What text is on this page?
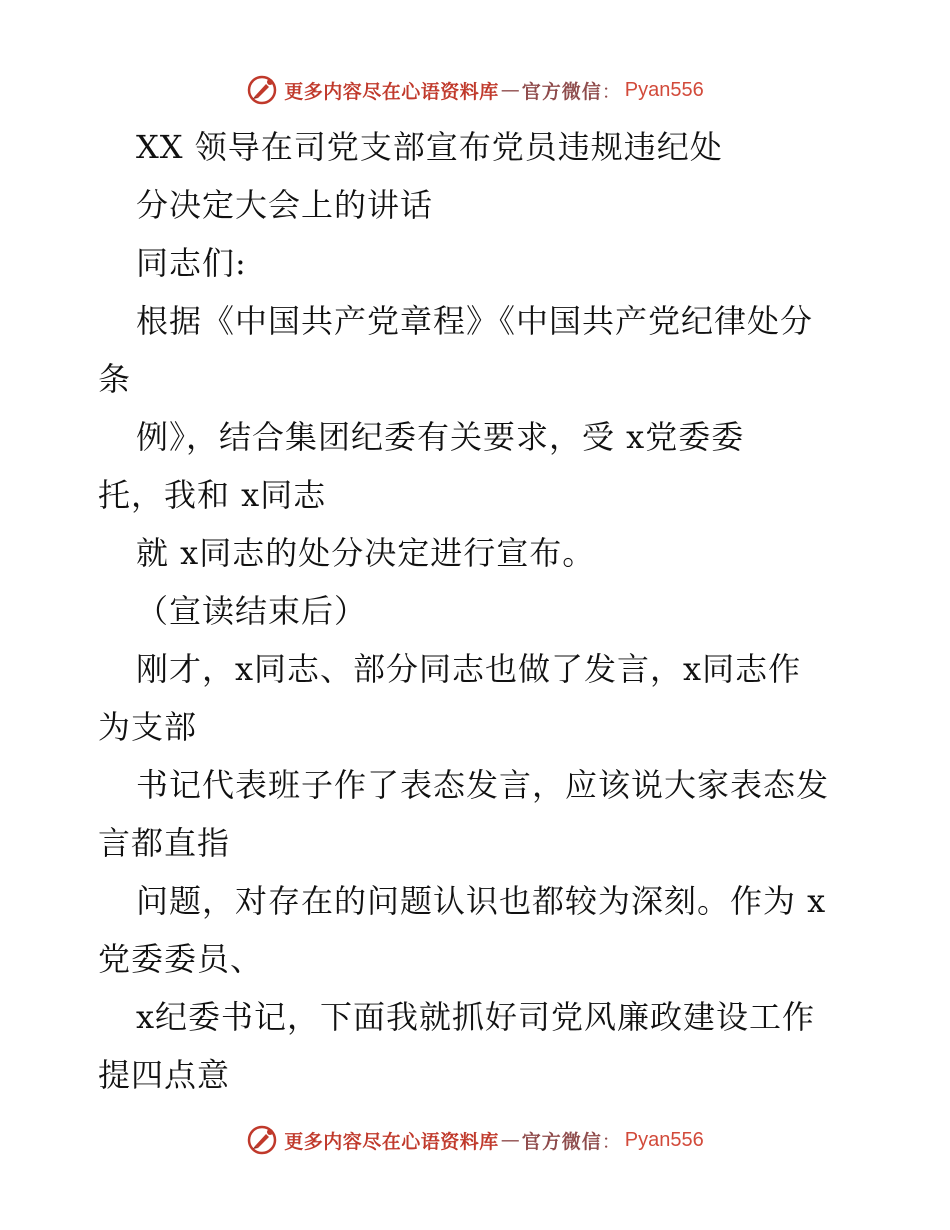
更多内容尽在心语资料库 — 官方微信 ： Pyan556
XX 领导在司党支部宣布党员违规违纪处
分决定大会上的讲话
同志们:
根据《中国共产党章程》《中国共产党纪律处分
条
例》，结合集团纪委有关要求，受 x党委委
托，我和 x同志
就 x同志的处分决定进行宣布。
（宣读结束后）
刚才，x同志、部分同志也做了发言，x同志作
为支部
书记代表班子作了表态发言，应该说大家表态发
言都直指
问题，对存在的问题认识也都较为深刻。作为 x
党委委员、
x纪委书记，下面我就抓好司党风廉政建设工作
提四点意
更多内容尽在心语资料库 — 官方微信 ： Pyan556
